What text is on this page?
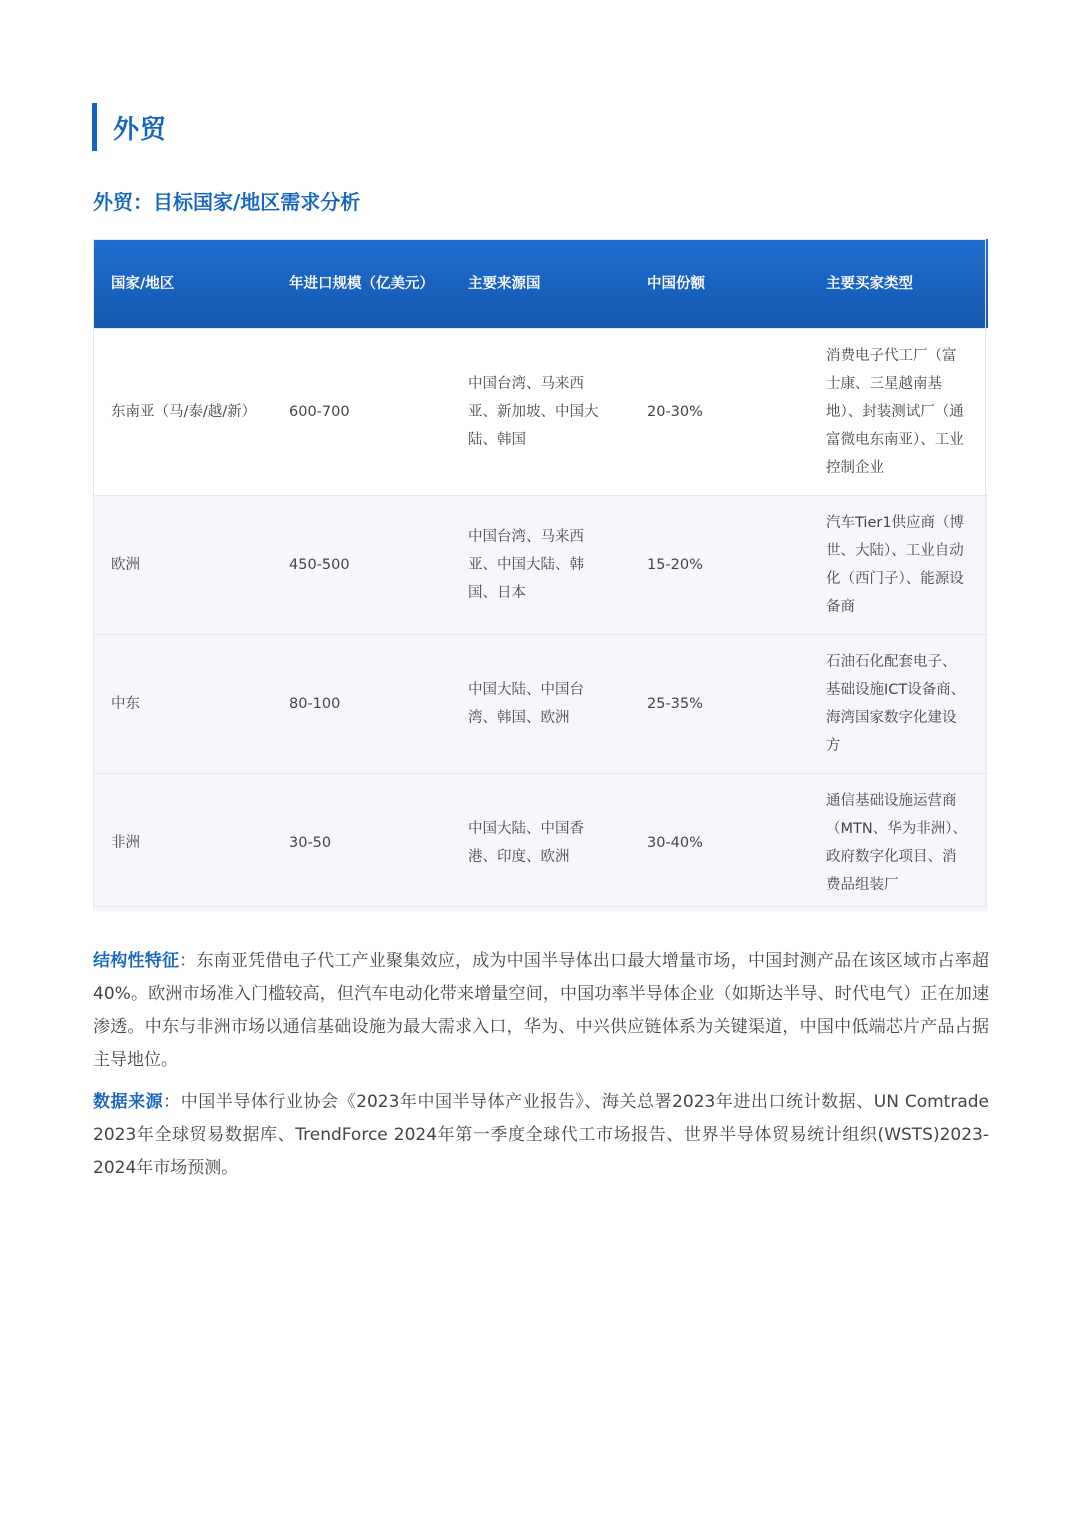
外贸
外贸：目标国家/地区需求分析
国家/地区	年进口规模（亿美元）	主要来源国	中国份额	主要买家类型
东南亚（马/泰/越/新）	600-700	中国台湾、马来西亚、新加坡、中国大陆、韩国	20-30%	消费电子代工厂（富士康、三星越南基地）、封装测试厂（通富微电东南亚）、工业控制企业
欧洲	450-500	中国台湾、马来西亚、中国大陆、韩国、日本	15-20%	汽车Tier1供应商（博世、大陆）、工业自动化（西门子）、能源设备商
中东	80-100	中国大陆、中国台湾、韩国、欧洲	25-35%	石油石化配套电子、基础设施ICT设备商、海湾国家数字化建设方
非洲	30-50	中国大陆、中国香港、印度、欧洲	30-40%	通信基础设施运营商（MTN、华为非洲）、政府数字化项目、消费品组装厂

结构性特征：东南亚凭借电子代工产业聚集效应，成为中国半导体出口最大增量市场，中国封测产品在该区域市占率超40%。欧洲市场准入门槛较高，但汽车电动化带来增量空间，中国功率半导体企业（如斯达半导、时代电气）正在加速渗透。中东与非洲市场以通信基础设施为最大需求入口，华为、中兴供应链体系为关键渠道，中国中低端芯片产品占据主导地位。

数据来源：中国半导体行业协会《2023年中国半导体产业报告》、海关总署2023年进出口统计数据、UN Comtrade 2023年全球贸易数据库、TrendForce 2024年第一季度全球代工市场报告、世界半导体贸易统计组织(WSTS)2023-2024年市场预测。
